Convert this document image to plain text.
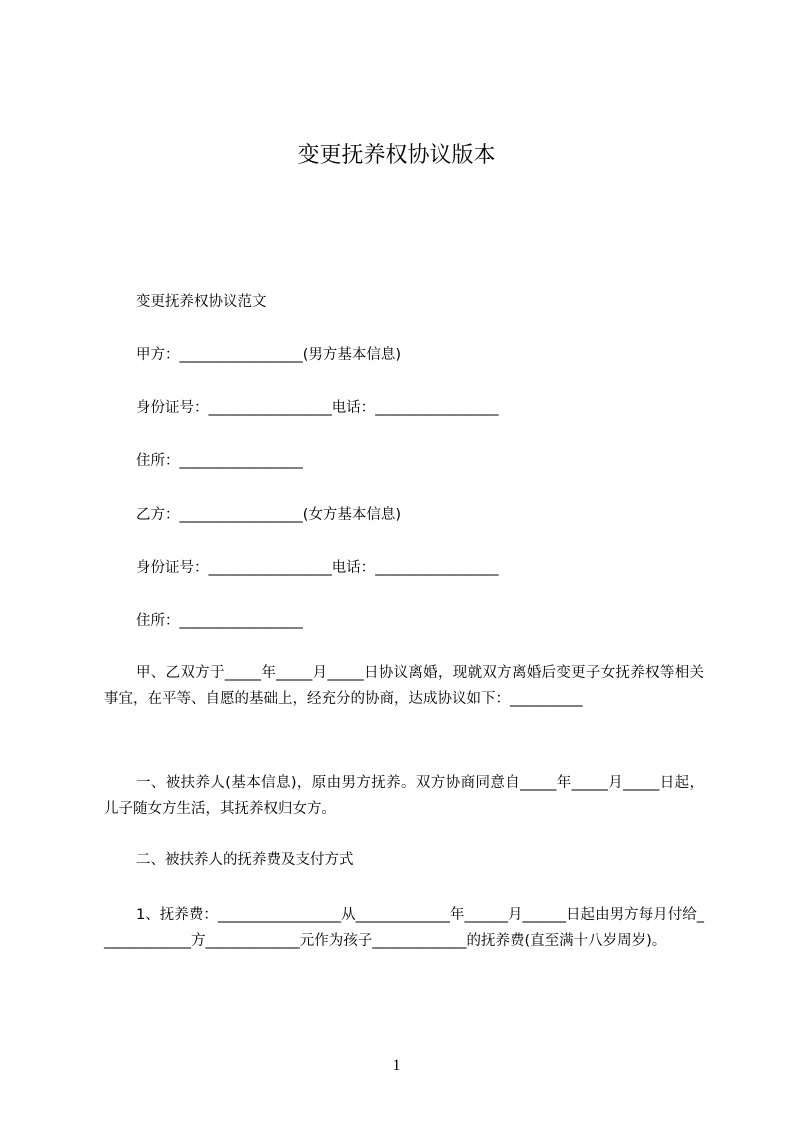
变更抚养权协议版本

变更抚养权协议范文

甲方：_________________(男方基本信息)

身份证号：_________________电话：_________________

住所：_________________

乙方：_________________(女方基本信息)

身份证号：_________________电话：_________________

住所：_________________

甲、乙双方于_____年_____月_____日协议离婚，现就双方离婚后变更子女抚养权等相关事宜，在平等、自愿的基础上，经充分的协商，达成协议如下：__________

一、被扶养人(基本信息)，原由男方抚养。双方协商同意自_____年_____月_____日起，儿子随女方生活，其抚养权归女方。

二、被扶养人的抚养费及支付方式

1、抚养费：_________________从_____________年______月______日起由男方每月付给_____________方_____________元作为孩子_____________的抚养费(直至满十八岁周岁)。

1
